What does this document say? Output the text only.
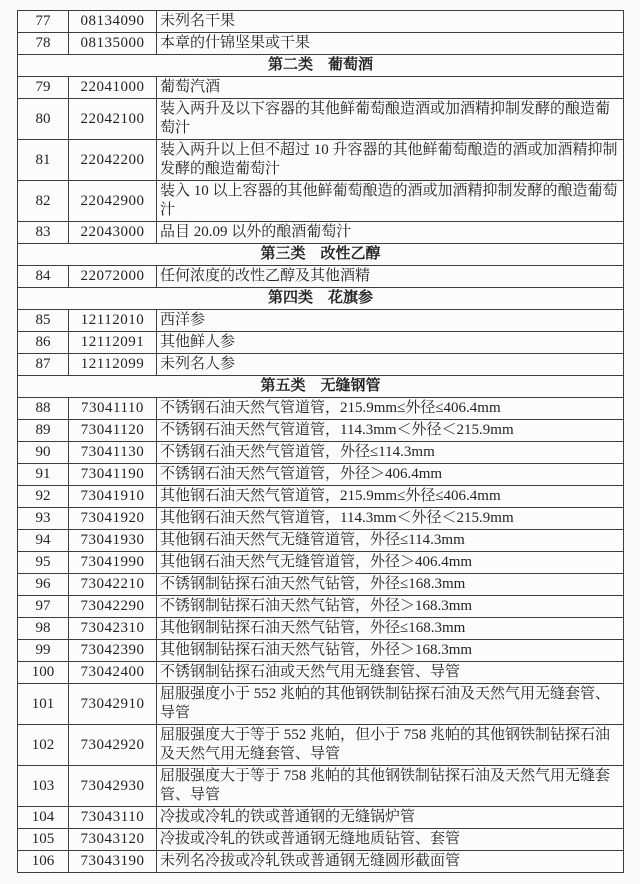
77	08134090	未列名干果
78	08135000	本章的什锦坚果或干果
第二类　葡萄酒		
79	22041000	葡萄汽酒
80	22042100	装入两升及以下容器的其他鲜葡萄酿造酒或加酒精抑制发酵的酿造葡萄汁
81	22042200	装入两升以上但不超过 10 升容器的其他鲜葡萄酿造的酒或加酒精抑制发酵的酿造葡萄汁
82	22042900	装入 10 以上容器的其他鲜葡萄酿造的酒或加酒精抑制发酵的酿造葡萄汁
83	22043000	品目 20.09 以外的酿酒葡萄汁
第三类　改性乙醇		
84	22072000	任何浓度的改性乙醇及其他酒精
第四类　花旗参		
85	12112010	西洋参
86	12112091	其他鲜人参
87	12112099	未列名人参
第五类　无缝钢管		
88	73041110	不锈钢石油天然气管道管，215.9mm≤外径≤406.4mm
89	73041120	不锈钢石油天然气管道管，114.3mm＜外径＜215.9mm
90	73041130	不锈钢石油天然气管道管，外径≤114.3mm
91	73041190	不锈钢石油天然气管道管，外径＞406.4mm
92	73041910	其他钢石油天然气管道管，215.9mm≤外径≤406.4mm
93	73041920	其他钢石油天然气管道管，114.3mm＜外径＜215.9mm
94	73041930	其他钢石油天然气无缝管道管，外径≤114.3mm
95	73041990	其他钢石油天然气无缝管道管，外径＞406.4mm
96	73042210	不锈钢制钻探石油天然气钻管，外径≤168.3mm
97	73042290	不锈钢制钻探石油天然气钻管，外径＞168.3mm
98	73042310	其他钢制钻探石油天然气钻管，外径≤168.3mm
99	73042390	其他钢制钻探石油天然气钻管，外径＞168.3mm
100	73042400	不锈钢制钻探石油或天然气用无缝套管、导管
101	73042910	屈服强度小于 552 兆帕的其他钢铁制钻探石油及天然气用无缝套管、导管
102	73042920	屈服强度大于等于 552 兆帕，但小于 758 兆帕的其他钢铁制钻探石油及天然气用无缝套管、导管
103	73042930	屈服强度大于等于 758 兆帕的其他钢铁制钻探石油及天然气用无缝套管、导管
104	73043110	冷拔或冷轧的铁或普通钢的无缝锅炉管
105	73043120	冷拔或冷轧的铁或普通钢无缝地质钻管、套管
106	73043190	未列名冷拔或冷轧铁或普通钢无缝圆形截面管
